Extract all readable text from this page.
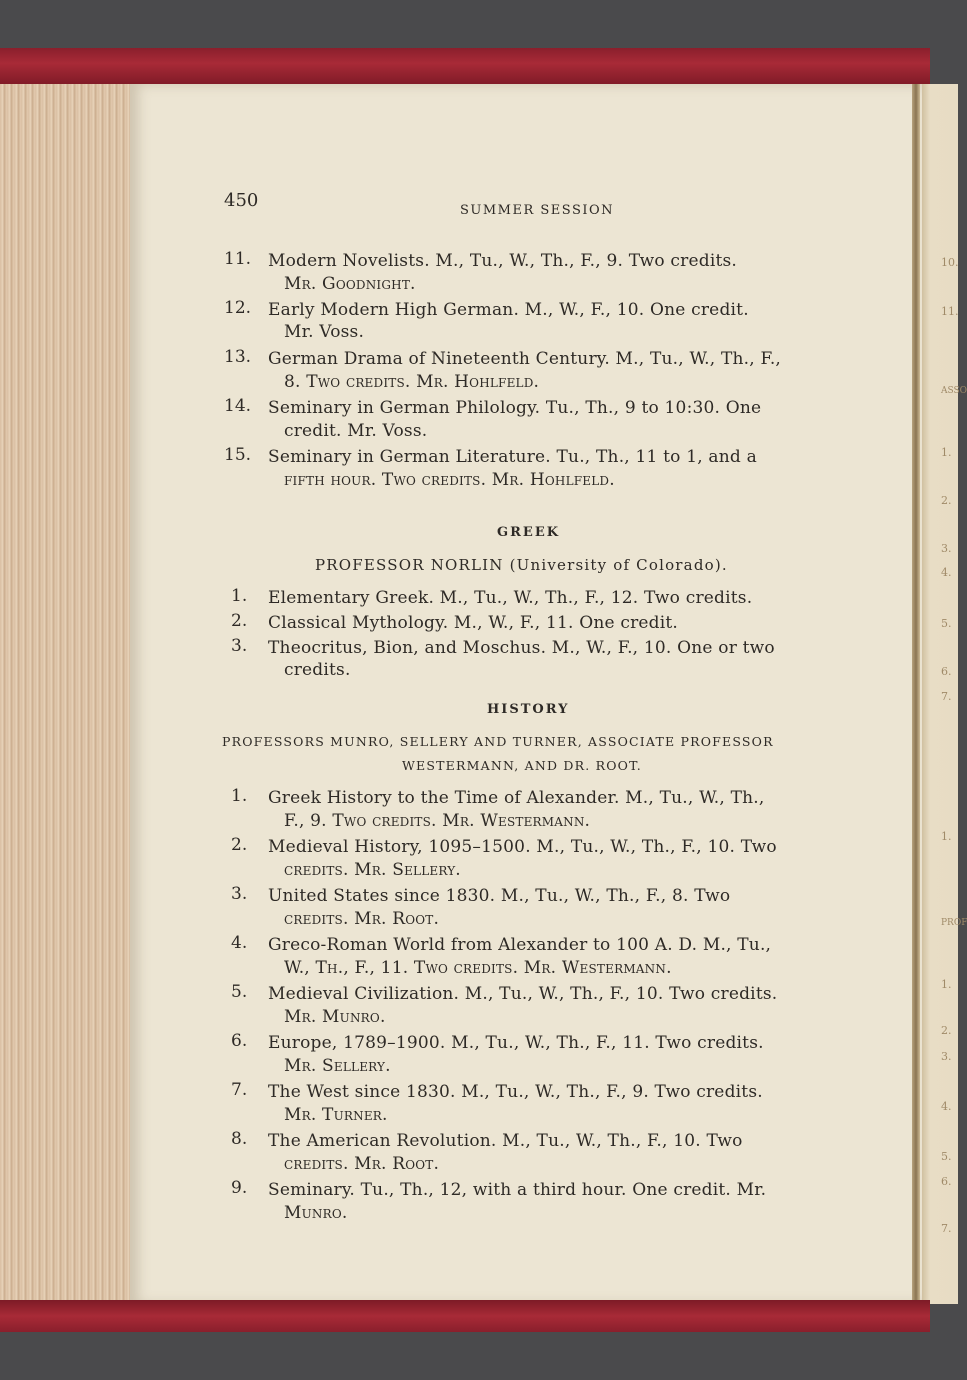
10.
11.
ASSO
1.
2.
3.
4.
5.
6.
7.
1.
PROF
1.
2.
3.
4.
5.
6.
7.
450	SUMMER SESSION
11. Modern Novelists. M., Tu., W., Th., F., 9. Two credits.
Mr. Goodnight.
12. Early Modern High German. M., W., F., 10. One credit.
Mr. Voss.
13. German Drama of Nineteenth Century. M., Tu., W., Th., F.,
8. Two credits. Mr. Hohlfeld.
14. Seminary in German Philology. Tu., Th., 9 to 10:30. One
credit. Mr. Voss.
15. Seminary in German Literature. Tu., Th., 11 to 1, and a
fifth hour. Two credits. Mr. Hohlfeld.
GREEK
PROFESSOR NORLIN (University of Colorado).
1. Elementary Greek. M., Tu., W., Th., F., 12. Two credits.
2. Classical Mythology. M., W., F., 11. One credit.
3. Theocritus, Bion, and Moschus. M., W., F., 10. One or two
credits.
HISTORY
PROFESSORS MUNRO, SELLERY AND TURNER, ASSOCIATE PROFESSOR
WESTERMANN, AND DR. ROOT.
1. Greek History to the Time of Alexander. M., Tu., W., Th.,
F., 9. Two credits. Mr. Westermann.
2. Medieval History, 1095–1500. M., Tu., W., Th., F., 10. Two
credits. Mr. Sellery.
3. United States since 1830. M., Tu., W., Th., F., 8. Two
credits. Mr. Root.
4. Greco-Roman World from Alexander to 100 A. D. M., Tu.,
W., Th., F., 11. Two credits. Mr. Westermann.
5. Medieval Civilization. M., Tu., W., Th., F., 10. Two credits.
Mr. Munro.
6. Europe, 1789–1900. M., Tu., W., Th., F., 11. Two credits.
Mr. Sellery.
7. The West since 1830. M., Tu., W., Th., F., 9. Two credits.
Mr. Turner.
8. The American Revolution. M., Tu., W., Th., F., 10. Two
credits. Mr. Root.
9. Seminary. Tu., Th., 12, with a third hour. One credit. Mr.
Munro.
